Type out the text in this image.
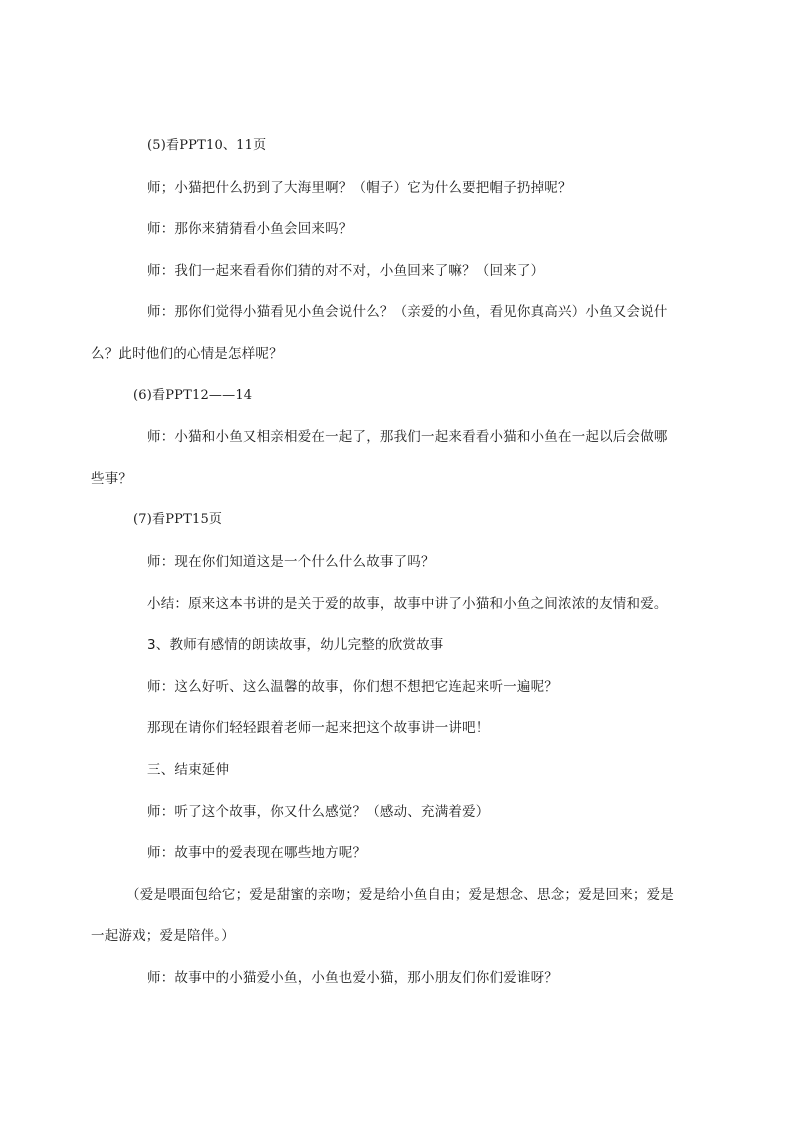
(5)看PPT10、11页
师；小猫把什么扔到了大海里啊？（帽子）它为什么要把帽子扔掉呢？
师：那你来猜猜看小鱼会回来吗？
师：我们一起来看看你们猜的对不对，小鱼回来了嘛？（回来了）
师：那你们觉得小猫看见小鱼会说什么？（亲爱的小鱼，看见你真高兴）小鱼又会说什
么？此时他们的心情是怎样呢？
(6)看PPT12——14
师：小猫和小鱼又相亲相爱在一起了，那我们一起来看看小猫和小鱼在一起以后会做哪
些事？
(7)看PPT15页
师：现在你们知道这是一个什么什么故事了吗？
小结：原来这本书讲的是关于爱的故事，故事中讲了小猫和小鱼之间浓浓的友情和爱。
3、教师有感情的朗读故事，幼儿完整的欣赏故事
师：这么好听、这么温馨的故事，你们想不想把它连起来听一遍呢？
那现在请你们轻轻跟着老师一起来把这个故事讲一讲吧！
三、结束延伸
师：听了这个故事，你又什么感觉？（感动、充满着爱）
师：故事中的爱表现在哪些地方呢？
（爱是喂面包给它；爱是甜蜜的亲吻；爱是给小鱼自由；爱是想念、思念；爱是回来；爱是
一起游戏；爱是陪伴。）
师：故事中的小猫爱小鱼，小鱼也爱小猫，那小朋友们你们爱谁呀？
